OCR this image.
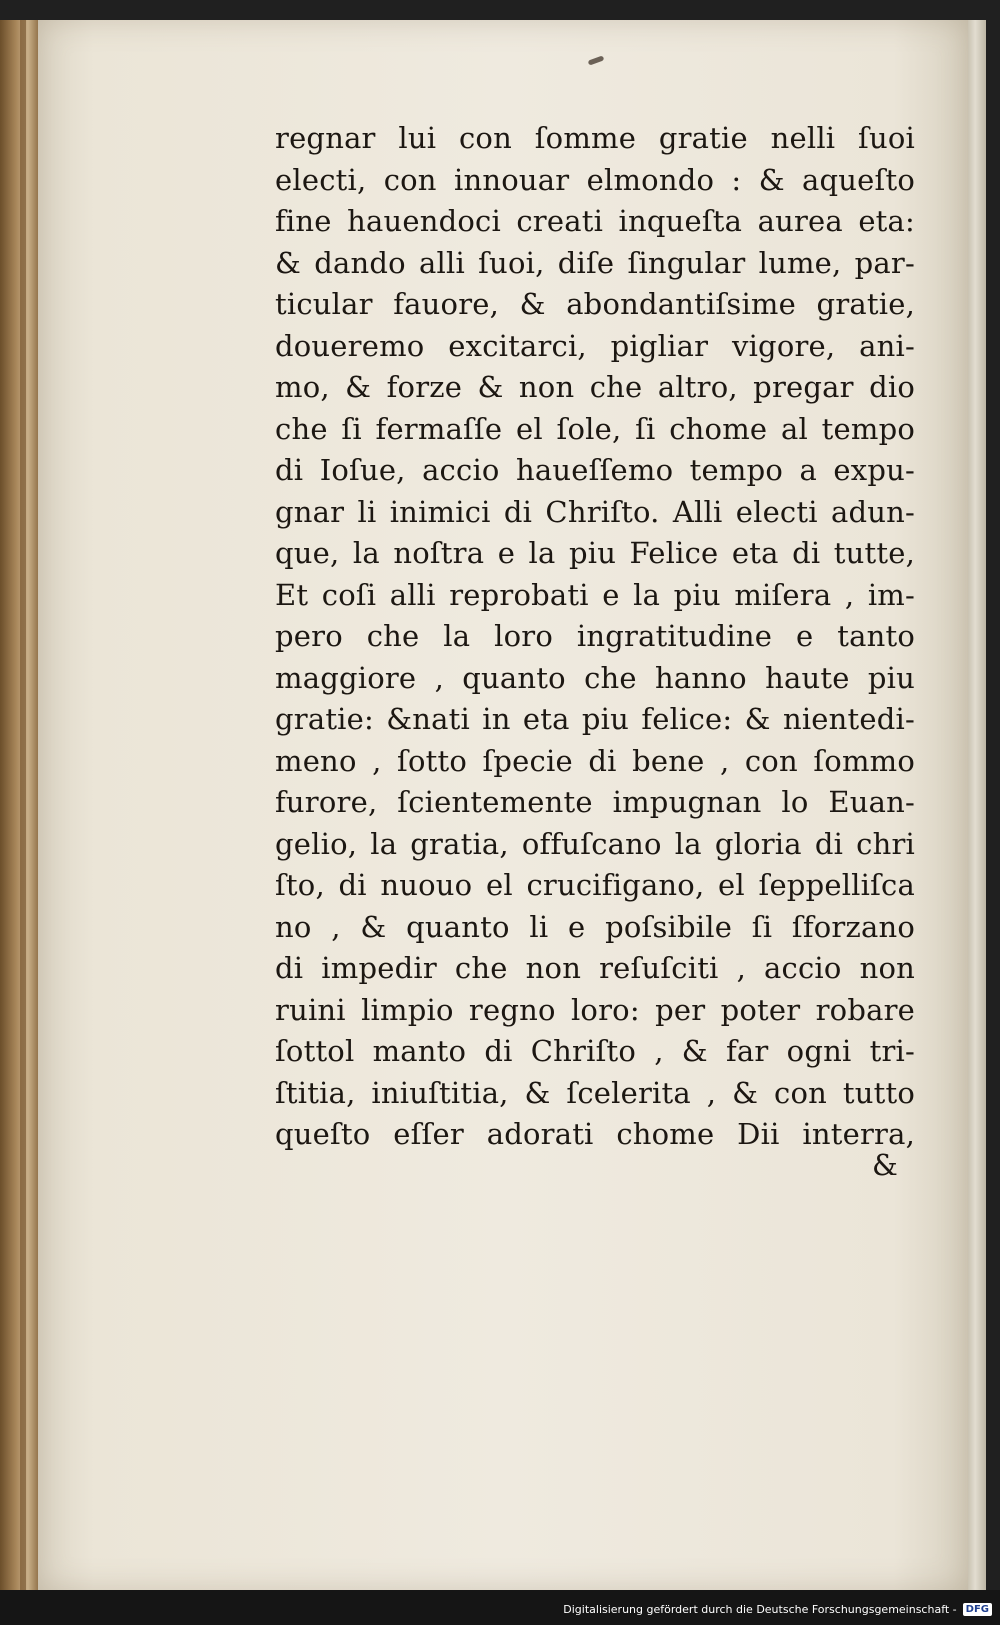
regnar lui con ſomme gratie nelli ſuoi
electi, con innouar elmondo : & aqueſto
fine hauendoci creati inqueſta aurea eta:
& dando alli ſuoi, diſe ſingular lume, par-
ticular fauore, & abondantiſsime gratie,
doueremo excitarci, pigliar vigore, ani-
mo, & forze & non che altro, pregar dio
che ſi fermaſſe el ſole, ſi chome al tempo
di Ioſue, accio haueſſemo tempo a expu-
gnar li inimici di Chriſto. Alli electi adun-
que, la noſtra e la piu Felice eta di tutte,
Et coſi alli reprobati e la piu miſera , im-
pero che la loro ingratitudine e tanto
maggiore , quanto che hanno haute piu
gratie: &nati in eta piu felice: & nientedi-
meno , ſotto ſpecie di bene , con ſommo
furore, ſcientemente impugnan lo Euan-
gelio, la gratia, offuſcano la gloria di chri
ſto, di nuouo el crucifigano, el ſeppelliſca
no , & quanto li e poſsibile ſi ſforzano
di impedir che non reſuſciti , accio non
ruini limpio regno loro: per poter robare
ſottol manto di Chriſto , & far ogni tri-
ſtitia, iniuſtitia, & ſcelerita , & con tutto
queſto eſſer adorati chome Dii interra,
&
Digitalisierung gefördert durch die Deutsche Forschungsgemeinschaft - DFG
